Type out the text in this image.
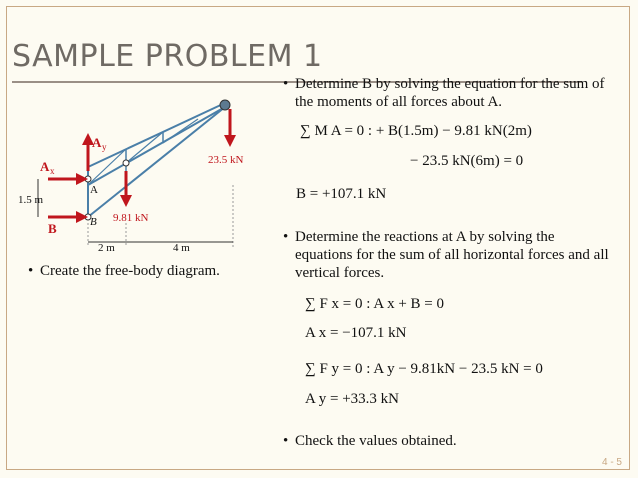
SAMPLE PROBLEM 1
A y
A x
A
B
B
1.5 m
9.81 kN
23.5 kN
2 m	4 m
• Create the free-body diagram.
• Determine B by solving the equation for the sum of the moments of all forces about A.
∑ M A = 0 : + B(1.5m) − 9.81 kN(2m)
− 23.5 kN(6m) = 0
B = +107.1 kN
• Determine the reactions at A by solving the equations for the sum of all horizontal forces and all vertical forces.
∑ F x = 0 : A x + B = 0
A x = −107.1 kN
∑ F y = 0 : A y − 9.81kN − 23.5 kN = 0
A y = +33.3 kN
• Check the values obtained.
4 - 5
